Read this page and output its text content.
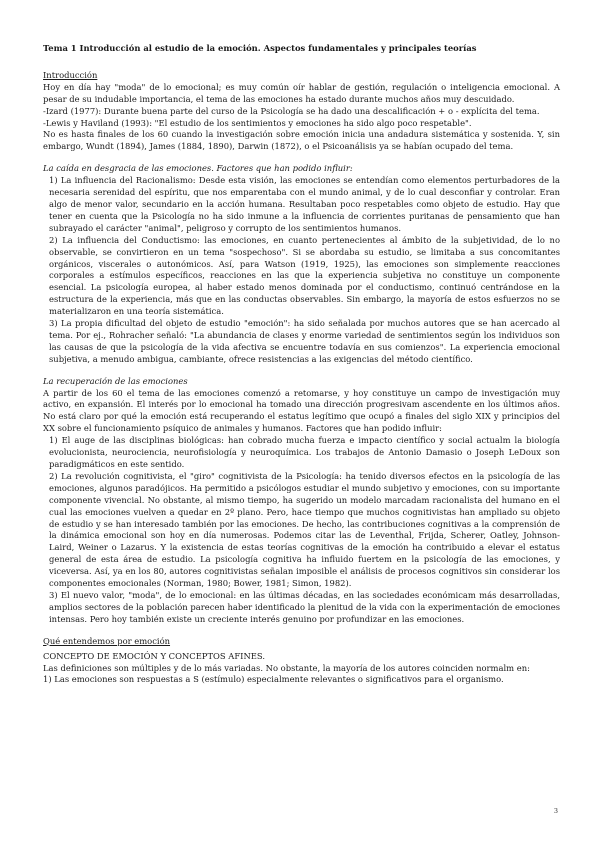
Tema 1 Introducción al estudio de la emoción. Aspectos fundamentales y principales teorías

Introducción

Hoy en día hay "moda" de lo emocional; es muy común oír hablar de gestión, regulación o inteligencia emocional. A pesar de su indudable importancia, el tema de las emociones ha estado durante muchos años muy descuidado.

-Izard (1977): Durante buena parte del curso de la Psicología se ha dado una descalificación + o - explícita del tema.

-Lewis y Haviland (1993): "El estudio de los sentimientos y emociones ha sido algo poco respetable".

No es hasta finales de los 60 cuando la investigación sobre emoción inicia una andadura sistemática y sostenida. Y, sin embargo, Wundt (1894), James (1884, 1890), Darwin (1872), o el Psicoanálisis ya se habían ocupado del tema.

La caída en desgracia de las emociones. Factores que han podido influir:

1) La influencia del Racionalismo: Desde esta visión, las emociones se entendían como elementos perturbadores de la necesaria serenidad del espíritu, que nos emparentaba con el mundo animal, y de lo cual desconfiar y controlar. Eran algo de menor valor, secundario en la acción humana. Resultaban poco respetables como objeto de estudio. Hay que tener en cuenta que la Psicología no ha sido inmune a la influencia de corrientes puritanas de pensamiento que han subrayado el carácter "animal", peligroso y corrupto de los sentimientos humanos.

2) La influencia del Conductismo: las emociones, en cuanto pertenecientes al ámbito de la subjetividad, de lo no observable, se convirtieron en un tema "sospechoso". Si se abordaba su estudio, se limitaba a sus concomitantes orgánicos, viscerales o autonómicos. Así, para Watson (1919, 1925), las emociones son simplemente reacciones corporales a estímulos específicos, reacciones en las que la experiencia subjetiva no constituye un componente esencial. La psicología europea, al haber estado menos dominada por el conductismo, continuó centrándose en la estructura de la experiencia, más que en las conductas observables. Sin embargo, la mayoría de estos esfuerzos no se materializaron en una teoría sistemática.

3) La propia dificultad del objeto de estudio "emoción": ha sido señalada por muchos autores que se han acercado al tema. Por ej., Rohracher señaló: "La abundancia de clases y enorme variedad de sentimientos según los individuos son las causas de que la psicología de la vida afectiva se encuentre todavía en sus comienzos". La experiencia emocional subjetiva, a menudo ambigua, cambiante, ofrece resistencias a las exigencias del método científico.

La recuperación de las emociones

A partir de los 60 el tema de las emociones comenzó a retomarse, y hoy constituye un campo de investigación muy activo, en expansión. El interés por lo emocional ha tomado una dirección progresivam ascendente en los últimos años. No está claro por qué la emoción está recuperando el estatus legítimo que ocupó a finales del siglo XIX y principios del XX sobre el funcionamiento psíquico de animales y humanos. Factores que han podido influir:

1) El auge de las disciplinas biológicas: han cobrado mucha fuerza e impacto científico y social actualm la biología evolucionista, neurociencia, neurofisiología y neuroquímica. Los trabajos de Antonio Damasio o Joseph LeDoux son paradigmáticos en este sentido.

2) La revolución cognitivista, el "giro" cognitivista de la Psicología: ha tenido diversos efectos en la psicología de las emociones, algunos paradójicos. Ha permitido a psicólogos estudiar el mundo subjetivo y emociones, con su importante componente vivencial. No obstante, al mismo tiempo, ha sugerido un modelo marcadam racionalista del humano en el cual las emociones vuelven a quedar en 2º plano. Pero, hace tiempo que muchos cognitivistas han ampliado su objeto de estudio y se han interesado también por las emociones. De hecho, las contribuciones cognitivas a la comprensión de la dinámica emocional son hoy en día numerosas. Podemos citar las de Leventhal, Frijda, Scherer, Oatley, Johnson-Laird, Weiner o Lazarus. Y la existencia de estas teorías cognitivas de la emoción ha contribuido a elevar el estatus general de esta área de estudio. La psicología cognitiva ha influido fuertem en la psicología de las emociones, y viceversa. Así, ya en los 80, autores cognitivistas señalan imposible el análisis de procesos cognitivos sin considerar los componentes emocionales (Norman, 1980; Bower, 1981; Simon, 1982).

3) El nuevo valor, "moda", de lo emocional: en las últimas décadas, en las sociedades económicam más desarrolladas, amplios sectores de la población parecen haber identificado la plenitud de la vida con la experimentación de emociones intensas. Pero hoy también existe un creciente interés genuino por profundizar en las emociones.

Qué entendemos por emoción

CONCEPTO DE EMOCIÓN Y CONCEPTOS AFINES.

Las definiciones son múltiples y de lo más variadas. No obstante, la mayoría de los autores coinciden normalm en:

1) Las emociones son respuestas a S (estímulo) especialmente relevantes o significativos para el organismo.

3
